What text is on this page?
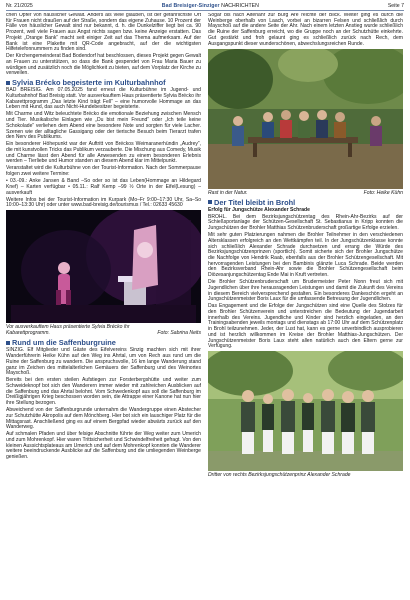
Nr. 21/2025	Bad Breisiger-Sinziger NACHRICHTEN	Seite 7

chen Opfer von häuslicher Gewalt. Anders als viele glauben, ist der gefährlichste Ort für Frauen nicht draußen auf der Straße, sondern das eigene Zuhause. 10 Prozent der Fälle von häuslicher Gewalt sind nur bekannt, d. h. die Dunkelziffer liegt bei ca. 90 Prozent, weil viele Frauen aus Angst nichts sagen bzw. keine Anzeige erstatten. Das Projekt „Orange Bank“ macht seit einiger Zeit auf das Thema aufmerksam. Auf der Bank ist eine Plakette mit QR-Code angebracht, auf der die wichtigsten Hilfetelefonnummern zu finden sind.

Der Kirchengemeinderat Bad Bodendorf hat beschlossen, dieses Projekt gegen Gewalt an Frauen zu unterstützen, so dass die Bank gespendet von Frau Maria Bauer zu würdigen und zusätzlich noch die Möglichkeit zu bieten, auf dem Vorplatz der Kirche zu verweilen.

Sylvia Brécko begeisterte im Kulturbahnhof

BAD BREISIG. Am 07.05.2025 fand erneut die Kulturbühne im Jugend- und Kulturbahnhof Bad Breisig statt. Vor ausverkauftem Haus präsentierte Sylvia Brécko ihr Kabarettprogramm „Das letzte Kind trägt Fell“ – eine humorvolle Hommage an das Leben mit Hund, das auch Nicht-Hundebesitzer begeisterte.

Mit Charme und Witz beleuchtete Brécko die emotionale Beziehung zwischen Mensch und Tier. Musikalische Einlagen wie „Du bist mein Freund“ oder „Ich teile keine Schokolade“ verliehen dem Abend eine besondere Note und sorgten für viele Lacher. Szenen wie der alltagliche Gassigang oder der tierische Besuch beim Tierarzt trafen den Nerv des Publikums.

Ein besonderer Höhepunkt war der Auftritt von Bréckos Weimaranerhündin „Audrey“, die mit kunstvollen Tricks das Publikum verzauberte. Die Mischung aus Comedy, Musik und Charme lässt den Abend für alle Anwesenden zu einem besonderen Erlebnis werden – Tierliebe und Humor standen an diesem Abend klar im Mittelpunkt.

Veranstaltet wird die Kulturbühne von der Tourist-Information. Nach der Sommerpause folgen zwei weitere Termine:

• 03.-09.: Anke Jansen & Band –So oder so ist das Leben(Hommage an Hildegard Knef) – Karten verfügbar • 05.11.: Ralf Kemp –99 ½ Orte in der Eifel(Lesung) – ausverkauft

Weitere Infos bei der Tourist-Information im Kurpark (Mo–Fr 9:00–17:30 Uhr, Sa–So 10:00–13:30 Uhr) oder unter www.bad-breisig.de/tourismus / Tel.: 02633 45630

Vor ausverkauftem Haus präsentierte Sylvia Brécko ihr Kabarettprogramm.	Foto: Sabrina Neits
Rund um die Saffenburgruine

SINZIG. Elf Mitglieder und Gäste des Eifelvereins Sinzig machten sich mit ihrer Wanderführerin Heike Kühn auf den Weg ins Ahrtal, um von Rech aus rund um die Ruine der Saffenburg zu wandern. Die anspruchsvolle, 16 km lange Wanderung stand ganz im Zeichen des mittelalterlichen Gemäuers der Saffenburg und des Weinortes Mayschoß.

Bereits bei den ersten steilen Aufstiegen zur Forsterbergshütte und weiter zum Schweideknopf bot sich den Wanderern immer wieder mit zahlreichen Ausblicken auf die Saffenburg und das Ahrtal belohnt. Vom Schwedenkopf aus soll die Saffenburg im Dreißigjährigen Krieg beschossen worden sein, die Attrappe einer Kanone hat nun hier ihre Stellung bezogen.

Abweichend von der Saffenburgrunde unternahm die Wandergruppe einen Abstecher zur Schutzhütte Akropolis auf dem Mönchberg. Hier bot sich ein lauschiger Platz für die Mittagsrast. Anschließend ging es auf einem Bergpfad wieder abwärts zurück auf den Wanderweg.

Auf schmalen Pfaden und über felsige Abschnitte führte der Weg weiter zum Umerich und zum Mohrenkopf. Hier waren Trittsicherheit und Schwindelfreiheit gefragt. Von den kleinen Aussichtsplateaus am Umerich und auf dem Mohrenkopf konnten die Wanderer weitere beeindruckende Ausblicke auf die Saffenburg und die umliegenden Weinberge genießen.

Sogar bis nach Altenahr zur Burg Are reichte der Blick. Weiter ging es durch die Weinberge oberhalb von Laach, vorbei an bizarren Felsen und schließlich durch Mayschoß auf die andere Seite der Ahr. Nach einem letzten Anstieg wurde schließlich die Ruine der Saffenburg erreicht, wo die Gruppe noch an der Schutzhütte einkehrte. Gut gestärkt und froh gelaunt ging es schließlich zurück nach Rech, dem Ausgangspunkt dieser wunderschönen, abwechslungsreichen Runde.

Rast in der Natur.	Foto: Heike Kühn
Der Titel bleibt in Brohl

Erfolg für Jungschütze Alexander Schrade

BROHL. Bei dem Bezirksjungschützentag des Rhein-Ahr-Bezirks auf der Schießsportanlage der Schützen-Gesellschaft St. Sebastianus in Kripp konnten die Jungschützen der Brohler Matthias Schützenbruderschaft großartige Erfolge erzielen.

Mit sehr guten Platzierungen nahmen die Brohler Teilnehmer in den verschiedenen Altersklassen erfolgreich an den Wettkämpfen teil. In der Jungschützenklasse konnte sich schließlich Alexander Schrade durchsetzen und errang die Würde des Bezirksjungschützenprinzen (sportlich). Somit sicherte sich der Brohler Jungschütze die Nachfolge von Hendrik Raab, ebenfalls aus der Brohler Schützengesellschaft. Mit hervorragenden Leistungen bei den Bambinis glänzte Luca Schrade. Beide werden den Bezirksverband Rhein-Ahr sowie die Brohler Schützengesellschaft beim Diözesanjungschützentag Ende Mai in Kruft vertreten.

Die Brohler Schützenbruderschaft um Brudermeister Peter Nonn freut sich mit Jugendlichen über ihre herausragenden Leistungen und damit die Zukunft des Vereins in diesem Bereich vielversprechend gestalten. Ein besonderes Dankeschön ergeht an Jungschützenmeister Boris Laux für die umfassende Betreuung der Jugendlichen.

Das Engagement und die Erfolge der Jungschützen sind eine Quelle des Stolzes für den Brohler Schützenverein und unterstreichen die Bedeutung der Jugendarbeit innerhalb des Vereins. Jugendliche und Kinder sind herzlich eingeladen, an den Trainingsabenden jeweils montags und dienstags ab 17:00 Uhr auf dem Schützenplatz in Brohl teilzunehmen. Jeder, der Lust hat, kann es gerne unverbindlich ausprobieren und ist herzlich willkommen im Kreise der Brohler Matthias-Jungschützen. Der Jungschützenmeister Boris Laux steht allen natürlich auch den Eltern gerne zur Verfügung.

Dritter von rechts Bezirksjungschützenprinz Alexander Schrade
